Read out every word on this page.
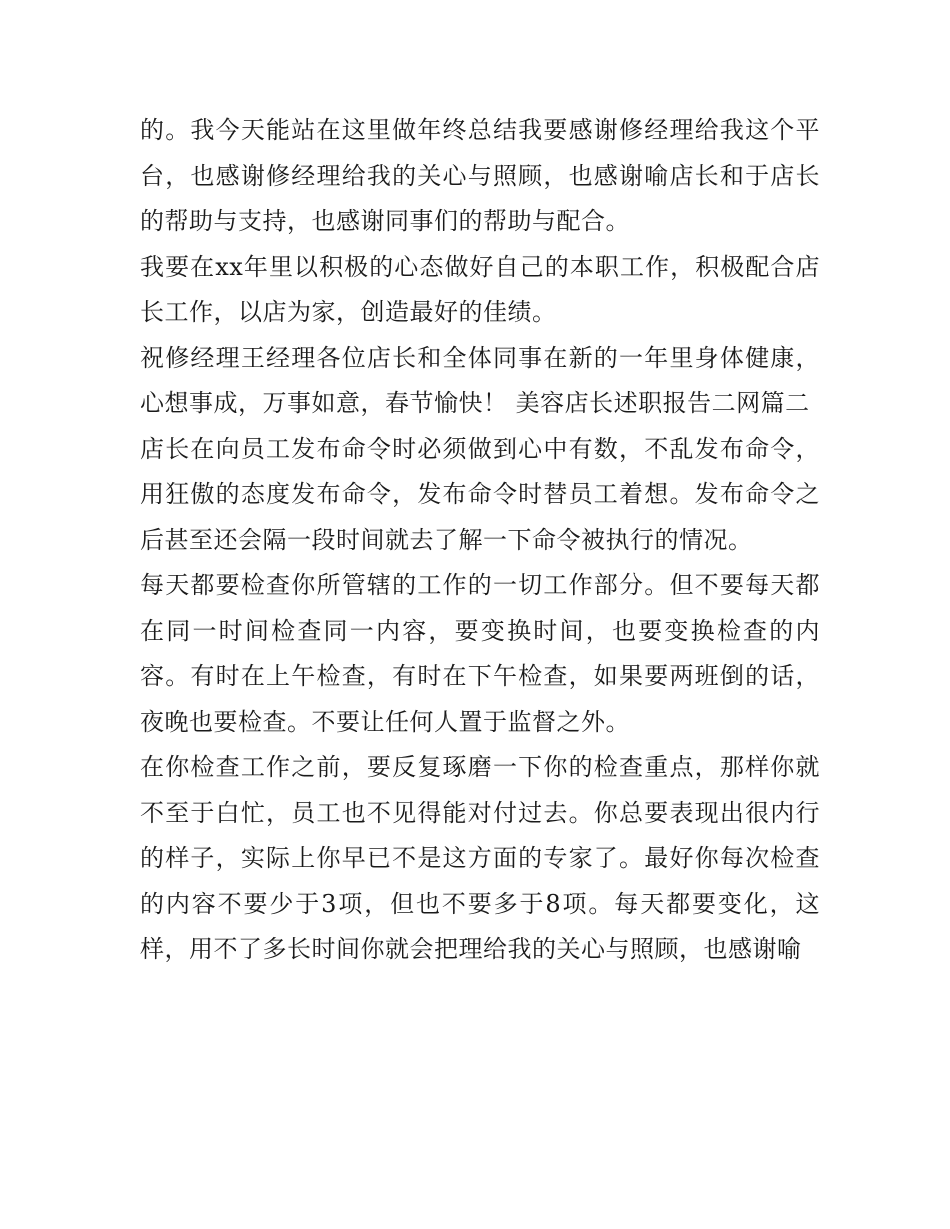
的。我今天能站在这里做年终总结我要感谢修经理给我这个平台，也感谢修经理给我的关心与照顾，也感谢喻店长和于店长的帮助与支持，也感谢同事们的帮助与配合。

我要在xx年里以积极的心态做好自己的本职工作，积极配合店长工作，以店为家，创造最好的佳绩。

祝修经理王经理各位店长和全体同事在新的一年里身体健康，心想事成，万事如意，春节愉快！ 美容店长述职报告二网篇二

店长在向员工发布命令时必须做到心中有数，不乱发布命令，用狂傲的态度发布命令，发布命令时替员工着想。发布命令之后甚至还会隔一段时间就去了解一下命令被执行的情况。

每天都要检查你所管辖的工作的一切工作部分。但不要每天都在同一时间检查同一内容，要变换时间，也要变换检查的内容。有时在上午检查，有时在下午检查，如果要两班倒的话，夜晚也要检查。不要让任何人置于监督之外。

在你检查工作之前，要反复琢磨一下你的检查重点，那样你就不至于白忙，员工也不见得能对付过去。你总要表现出很内行的样子，实际上你早已不是这方面的专家了。最好你每次检查的内容不要少于3项，但也不要多于8项。每天都要变化，这样，用不了多长时间你就会把理给我的关心与照顾，也感谢喻
